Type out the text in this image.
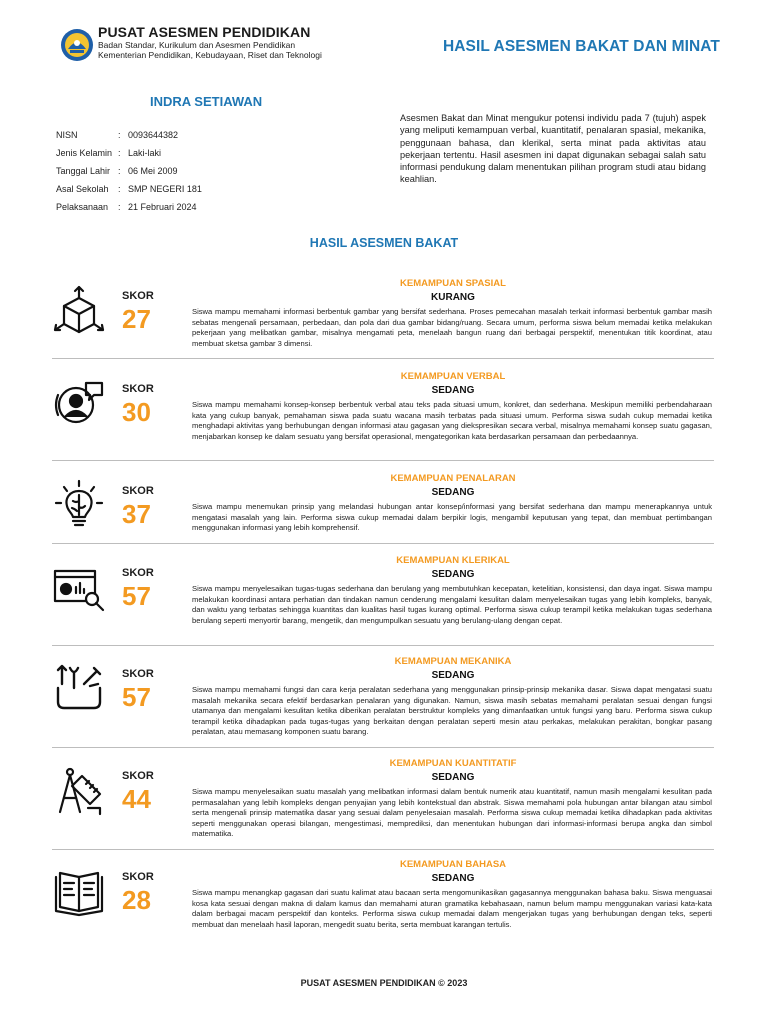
PUSAT ASESMEN PENDIDIKAN
Badan Standar, Kurikulum dan Asesmen Pendidikan
Kementerian Pendidikan, Kebudayaan, Riset dan Teknologi	HASIL ASESMEN BAKAT DAN MINAT
INDRA SETIAWAN
NISN	: 0093644382
Jenis Kelamin : Laki-laki
Tanggal Lahir : 06 Mei 2009
Asal Sekolah	: SMP NEGERI 181
Pelaksanaan	: 21 Februari 2024
Asesmen Bakat dan Minat mengukur potensi individu pada 7 (tujuh) aspek yang meliputi kemampuan verbal, kuantitatif, penalaran spasial, mekanika, penggunaan bahasa, dan klerikal, serta minat pada aktivitas atau pekerjaan tertentu. Hasil asesmen ini dapat digunakan sebagai salah satu informasi pendukung dalam menentukan pilihan program studi atau bidang keahlian.
HASIL ASESMEN BAKAT
SKOR
27
KEMAMPUAN SPASIAL
KURANG
Siswa mampu memahami informasi berbentuk gambar yang bersifat sederhana. Proses pemecahan masalah terkait informasi berbentuk gambar masih sebatas mengenali persamaan, perbedaan, dan pola dari dua gambar bidang/ruang. Secara umum, performa siswa belum memadai ketika melakukan pekerjaan yang melibatkan gambar, misalnya mengamati peta, menelaah bangun ruang dari berbagai perspektif, menentukan titik koordinat, atau membuat sketsa gambar 3 dimensi.
SKOR
30
KEMAMPUAN VERBAL
SEDANG
Siswa mampu memahami konsep-konsep berbentuk verbal atau teks pada situasi umum, konkret, dan sederhana. Meskipun memiliki perbendaharaan kata yang cukup banyak, pemahaman siswa pada suatu wacana masih terbatas pada situasi umum. Performa siswa sudah cukup memadai ketika menghadapi aktivitas yang berhubungan dengan informasi atau gagasan yang diekspresikan secara verbal, misalnya memahami konsep suatu gagasan, menjabarkan konsep ke dalam sesuatu yang bersifat operasional, mengategorikan kata berdasarkan persamaan dan perbedaannya.
SKOR
37
KEMAMPUAN PENALARAN
SEDANG
Siswa mampu menemukan prinsip yang melandasi hubungan antar konsep/informasi yang bersifat sederhana dan mampu menerapkannya untuk mengatasi masalah yang lain. Performa siswa cukup memadai dalam berpikir logis, mengambil keputusan yang tepat, dan membuat pertimbangan menggunakan informasi yang lebih komprehensif.
SKOR
57
KEMAMPUAN KLERIKAL
SEDANG
Siswa mampu menyelesaikan tugas-tugas sederhana dan berulang yang membutuhkan kecepatan, ketelitian, konsistensi, dan daya ingat. Siswa mampu melakukan koordinasi antara perhatian dan tindakan namun cenderung mengalami kesulitan dalam menyelesaikan tugas yang lebih kompleks, banyak, dan waktu yang terbatas sehingga kuantitas dan kualitas hasil tugas kurang optimal. Performa siswa cukup terampil ketika melakukan tugas sederhana berulang seperti menyortir barang, mengetik, dan mengumpulkan sesuatu yang berulang-ulang dengan cepat.
SKOR
57
KEMAMPUAN MEKANIKA
SEDANG
Siswa mampu memahami fungsi dan cara kerja peralatan sederhana yang menggunakan prinsip-prinsip mekanika dasar. Siswa dapat mengatasi suatu masalah mekanika secara efektif berdasarkan penalaran yang digunakan. Namun, siswa masih sebatas memahami peralatan sesuai dengan fungsi utamanya dan mengalami kesulitan ketika diberikan peralatan berstruktur kompleks yang dimanfaatkan untuk fungsi yang baru. Performa siswa cukup terampil ketika dihadapkan pada tugas-tugas yang berkaitan dengan peralatan seperti mesin atau perkakas, melakukan perakitan, bongkar pasang peralatan, atau memasang komponen suatu barang.
SKOR
44
KEMAMPUAN KUANTITATIF
SEDANG
Siswa mampu menyelesaikan suatu masalah yang melibatkan informasi dalam bentuk numerik atau kuantitatif, namun masih mengalami kesulitan pada permasalahan yang lebih kompleks dengan penyajian yang lebih kontekstual dan abstrak. Siswa memahami pola hubungan antar bilangan atau simbol serta mengenali prinsip matematika dasar yang sesuai dalam penyelesaian masalah. Performa siswa cukup memadai ketika dihadapkan pada aktivitas seperti menggunakan operasi bilangan, mengestimasi, memprediksi, dan menentukan hubungan dari informasi-informasi berupa angka dan simbol matematika.
SKOR
28
KEMAMPUAN BAHASA
SEDANG
Siswa mampu menangkap gagasan dari suatu kalimat atau bacaan serta mengomunikasikan gagasannya menggunakan bahasa baku. Siswa menguasai kosa kata sesuai dengan makna di dalam kamus dan memahami aturan gramatika kebahasaan, namun belum mampu menggunakan variasi kata-kata dalam berbagai macam perspektif dan konteks. Performa siswa cukup memadai dalam mengerjakan tugas yang berhubungan dengan teks, seperti membuat dan menelaah hasil laporan, mengedit suatu berita, serta membuat karangan tertulis.
PUSAT ASESMEN PENDIDIKAN © 2023
